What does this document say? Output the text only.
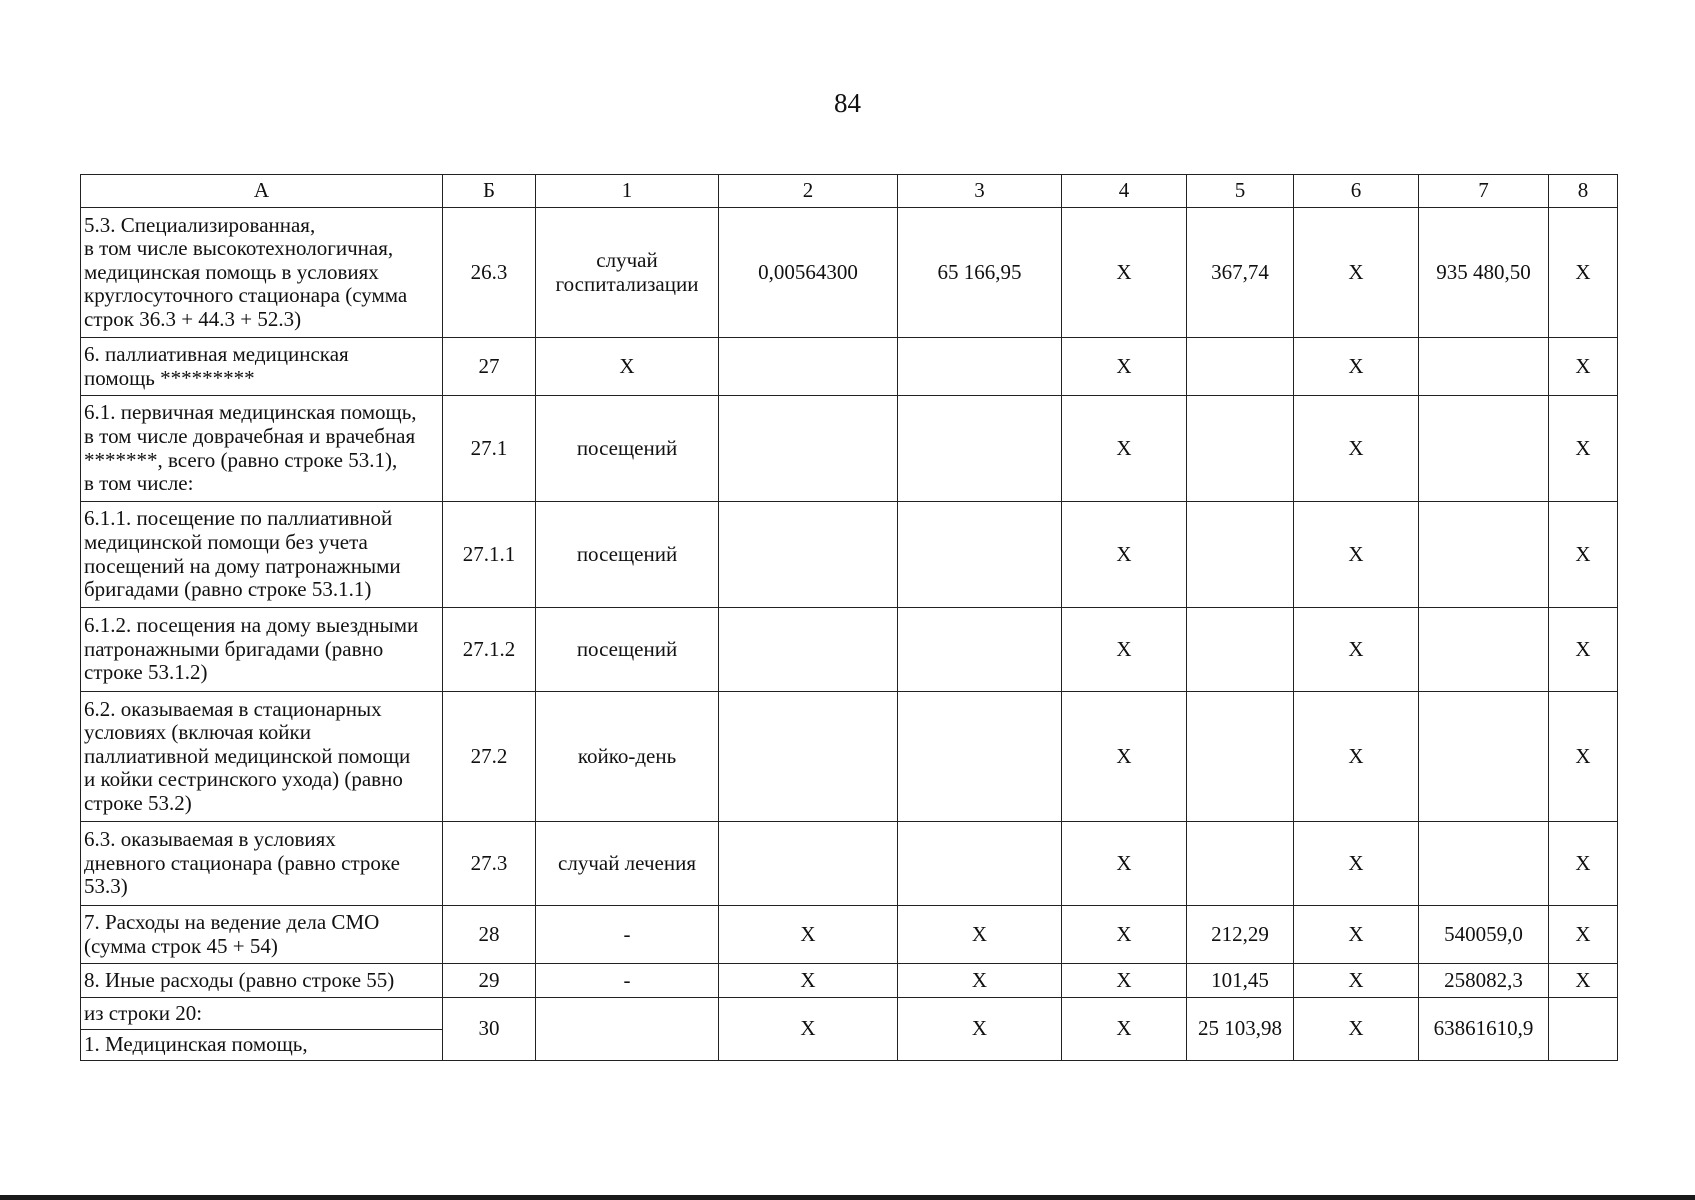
84
А	Б	1	2	3	4	5	6	7	8
5.3. Специализированная,
в том числе высокотехнологичная,
медицинская помощь в условиях
круглосуточного стационара (сумма
строк 36.3 + 44.3 + 52.3)	26.3	случай
госпитализации	0,00564300	65 166,95	X	367,74	X	935 480,50	X
6. паллиативная медицинская
помощь *********	27	X			X		X		X
6.1. первичная медицинская помощь,
в том числе доврачебная и врачебная
*******, всего (равно строке 53.1),
в том числе:	27.1	посещений			X		X		X
6.1.1. посещение по паллиативной
медицинской помощи без учета
посещений на дому патронажными
бригадами (равно строке 53.1.1)	27.1.1	посещений			X		X		X
6.1.2. посещения на дому выездными
патронажными бригадами (равно
строке 53.1.2)	27.1.2	посещений			X		X		X
6.2. оказываемая в стационарных
условиях (включая койки
паллиативной медицинской помощи
и койки сестринского ухода) (равно
строке 53.2)	27.2	койко-день			X		X		X
6.3. оказываемая в условиях
дневного стационара (равно строке
53.3)	27.3	случай лечения			X		X		X
7. Расходы на ведение дела СМО
(сумма строк 45 + 54)	28	-	X	X	X	212,29	X	540059,0	X
8. Иные расходы (равно строке 55)	29	-	X	X	X	101,45	X	258082,3	X
из строки 20:	30		X	X	X	25 103,98	X	63861610,9	
1. Медицинская помощь,									
